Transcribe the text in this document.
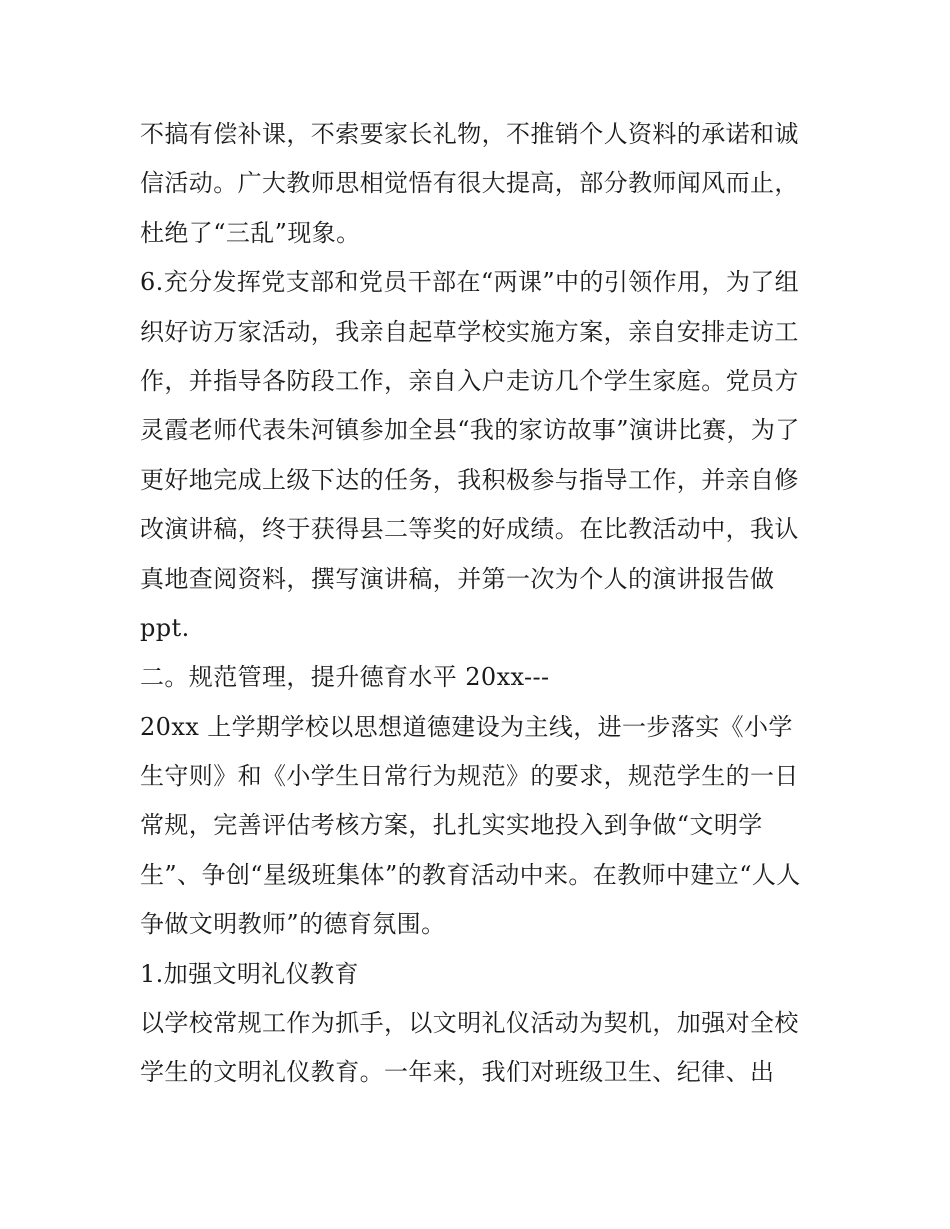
不搞有偿补课，不索要家长礼物，不推销个人资料的承诺和诚
信活动。广大教师思相觉悟有很大提高，部分教师闻风而止，
杜绝了“三乱”现象。
6.充分发挥党支部和党员干部在“两课”中的引领作用，为了组
织好访万家活动，我亲自起草学校实施方案，亲自安排走访工
作，并指导各防段工作，亲自入户走访几个学生家庭。党员方
灵霞老师代表朱河镇参加全县“我的家访故事”演讲比赛，为了
更好地完成上级下达的任务，我积极参与指导工作，并亲自修
改演讲稿，终于获得县二等奖的好成绩。在比教活动中，我认
真地查阅资料，撰写演讲稿，并第一次为个人的演讲报告做
ppt.
二。规范管理，提升德育水平 20xx---
20xx 上学期学校以思想道德建设为主线，进一步落实《小学
生守则》和《小学生日常行为规范》的要求，规范学生的一日
常规，完善评估考核方案，扎扎实实地投入到争做“文明学
生”、争创“星级班集体”的教育活动中来。在教师中建立“人人
争做文明教师”的德育氛围。
1.加强文明礼仪教育
以学校常规工作为抓手，以文明礼仪活动为契机，加强对全校
学生的文明礼仪教育。一年来，我们对班级卫生、纪律、出
